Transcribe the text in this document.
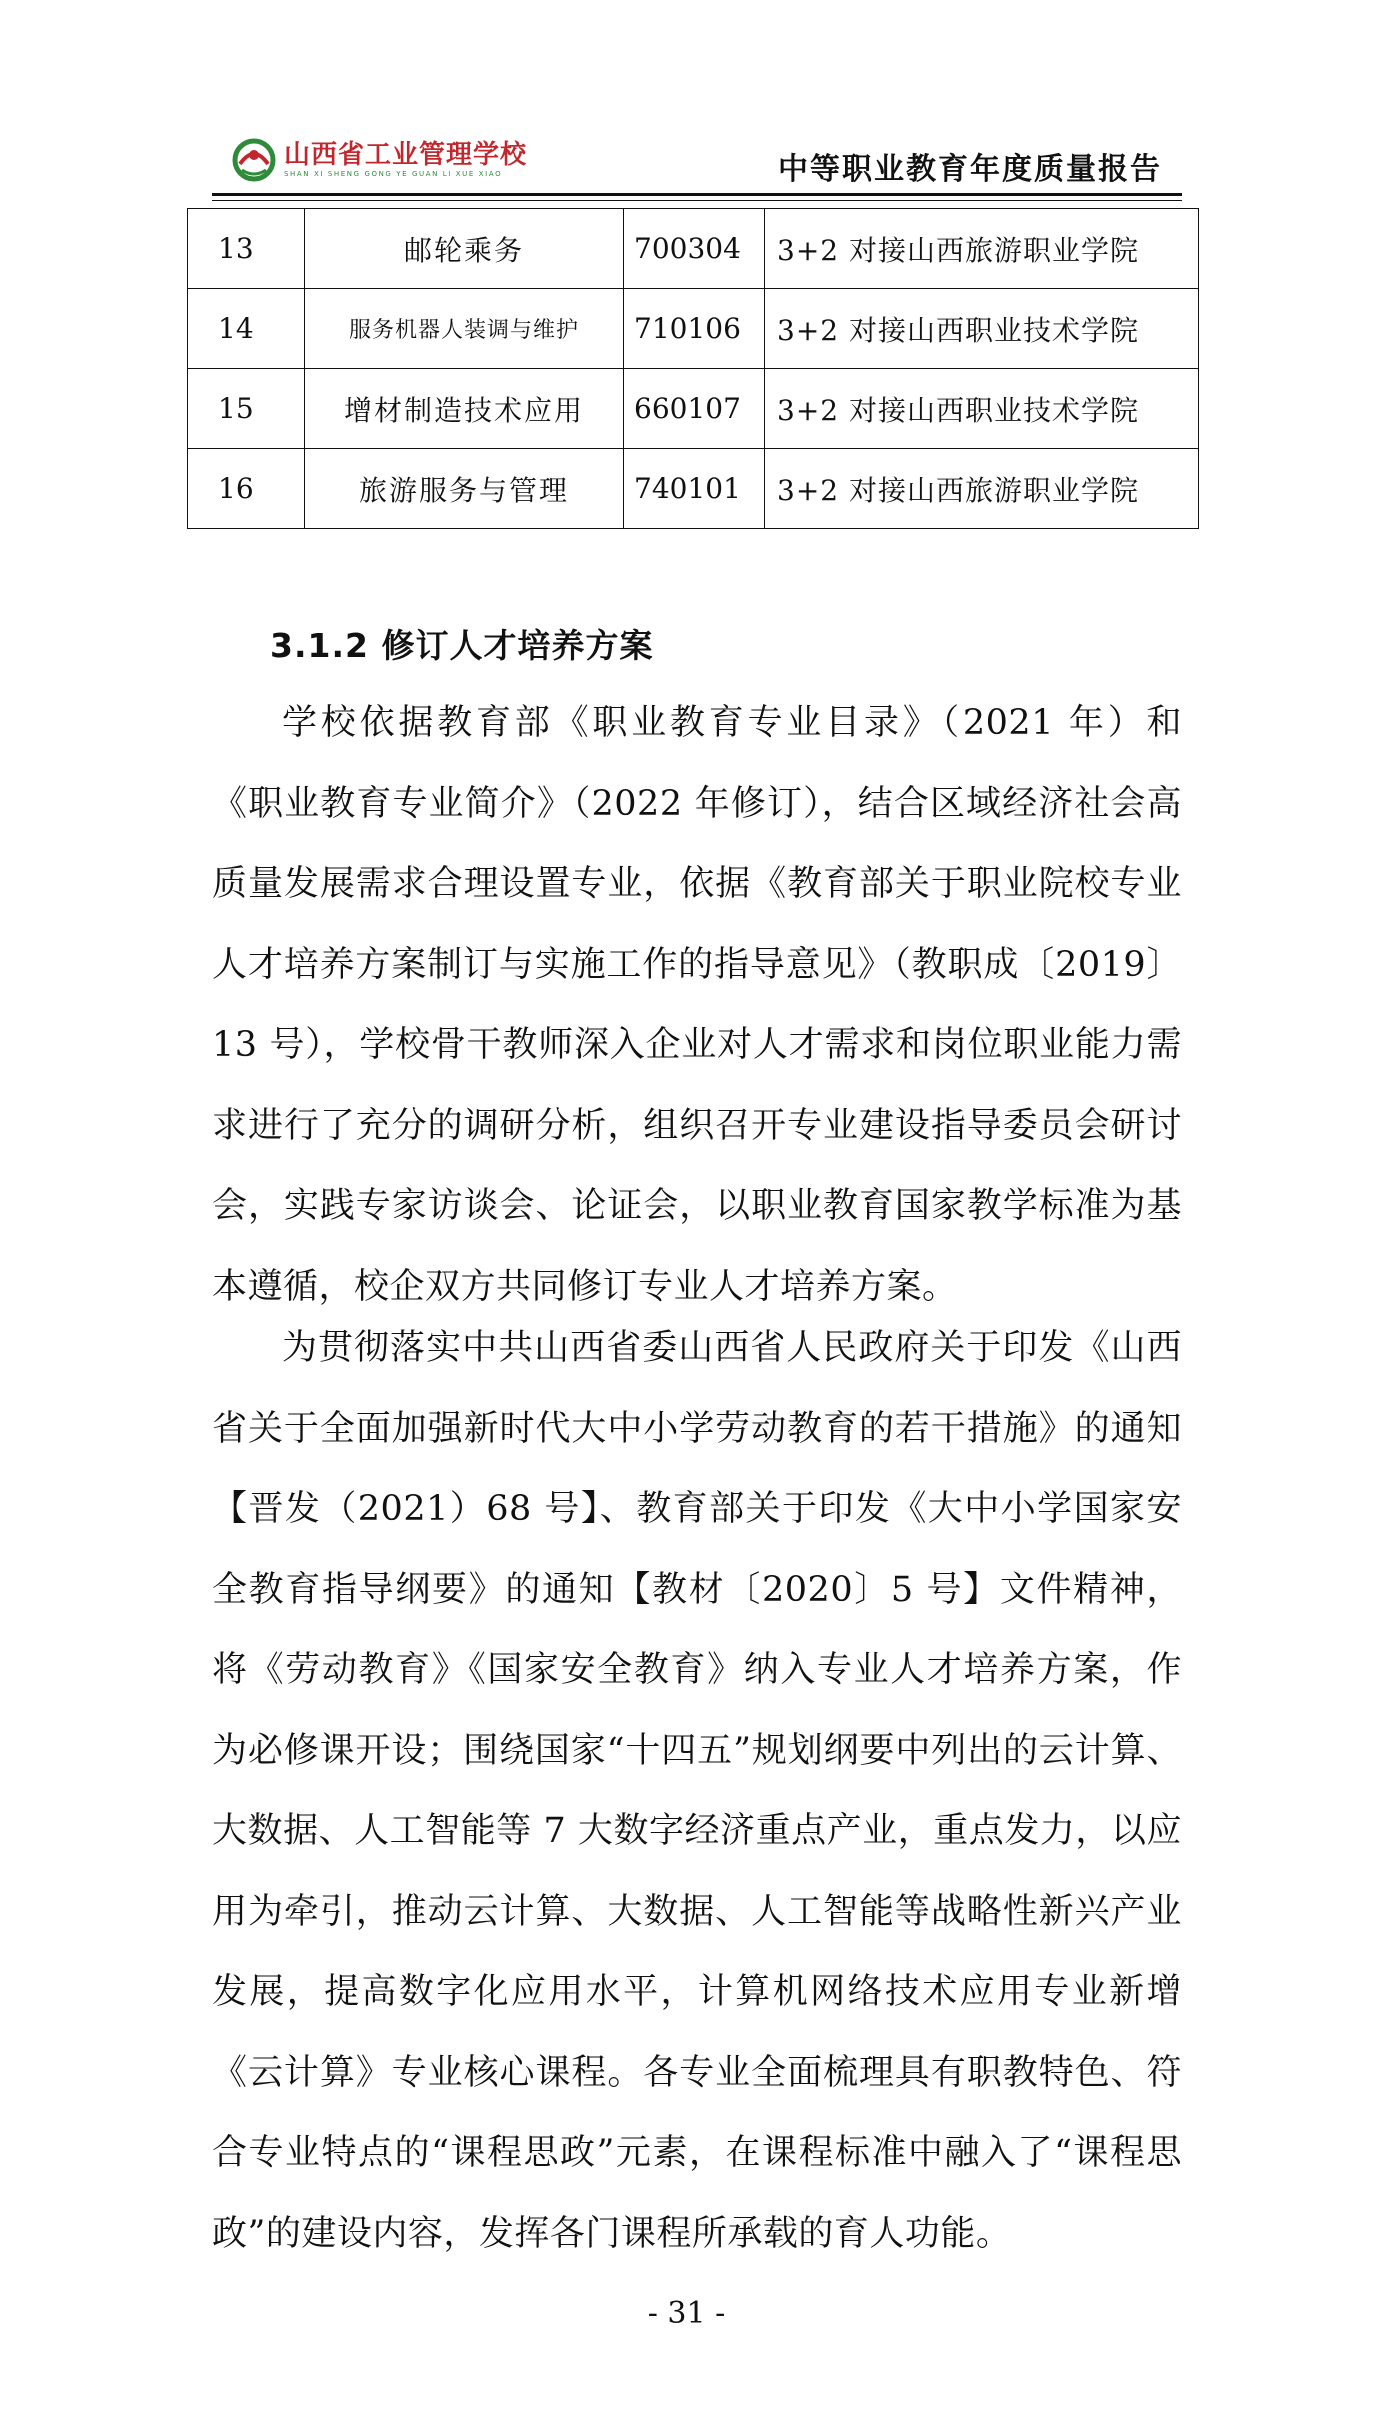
山西省工业管理学校
SHAN XI SHENG GONG YE GUAN LI XUE XIAO	中等职业教育年度质量报告
13	邮轮乘务	700304	3+2 对接山西旅游职业学院
14	服务机器人装调与维护	710106	3+2 对接山西职业技术学院
15	增材制造技术应用	660107	3+2 对接山西职业技术学院
16	旅游服务与管理	740101	3+2 对接山西旅游职业学院
3.1.2 修订人才培养方案

学校依据教育部《职业教育专业目录》（2021 年）和《职业教育专业简介》（2022 年修订），结合区域经济社会高质量发展需求合理设置专业，依据《教育部关于职业院校专业人才培养方案制订与实施工作的指导意见》（教职成〔2019〕13 号），学校骨干教师深入企业对人才需求和岗位职业能力需求进行了充分的调研分析，组织召开专业建设指导委员会研讨会，实践专家访谈会、论证会，以职业教育国家教学标准为基本遵循，校企双方共同修订专业人才培养方案。

为贯彻落实中共山西省委山西省人民政府关于印发《山西省关于全面加强新时代大中小学劳动教育的若干措施》的通知【晋发（2021）68 号】、教育部关于印发《大中小学国家安全教育指导纲要》的通知【教材〔2020〕5 号】文件精神，将《劳动教育》《国家安全教育》纳入专业人才培养方案，作为必修课开设；围绕国家“十四五”规划纲要中列出的云计算、大数据、人工智能等 7 大数字经济重点产业，重点发力，以应用为牵引，推动云计算、大数据、人工智能等战略性新兴产业发展，提高数字化应用水平，计算机网络技术应用专业新增《云计算》专业核心课程。各专业全面梳理具有职教特色、符合专业特点的“课程思政”元素，在课程标准中融入了“课程思政”的建设内容，发挥各门课程所承载的育人功能。

- 31 -
